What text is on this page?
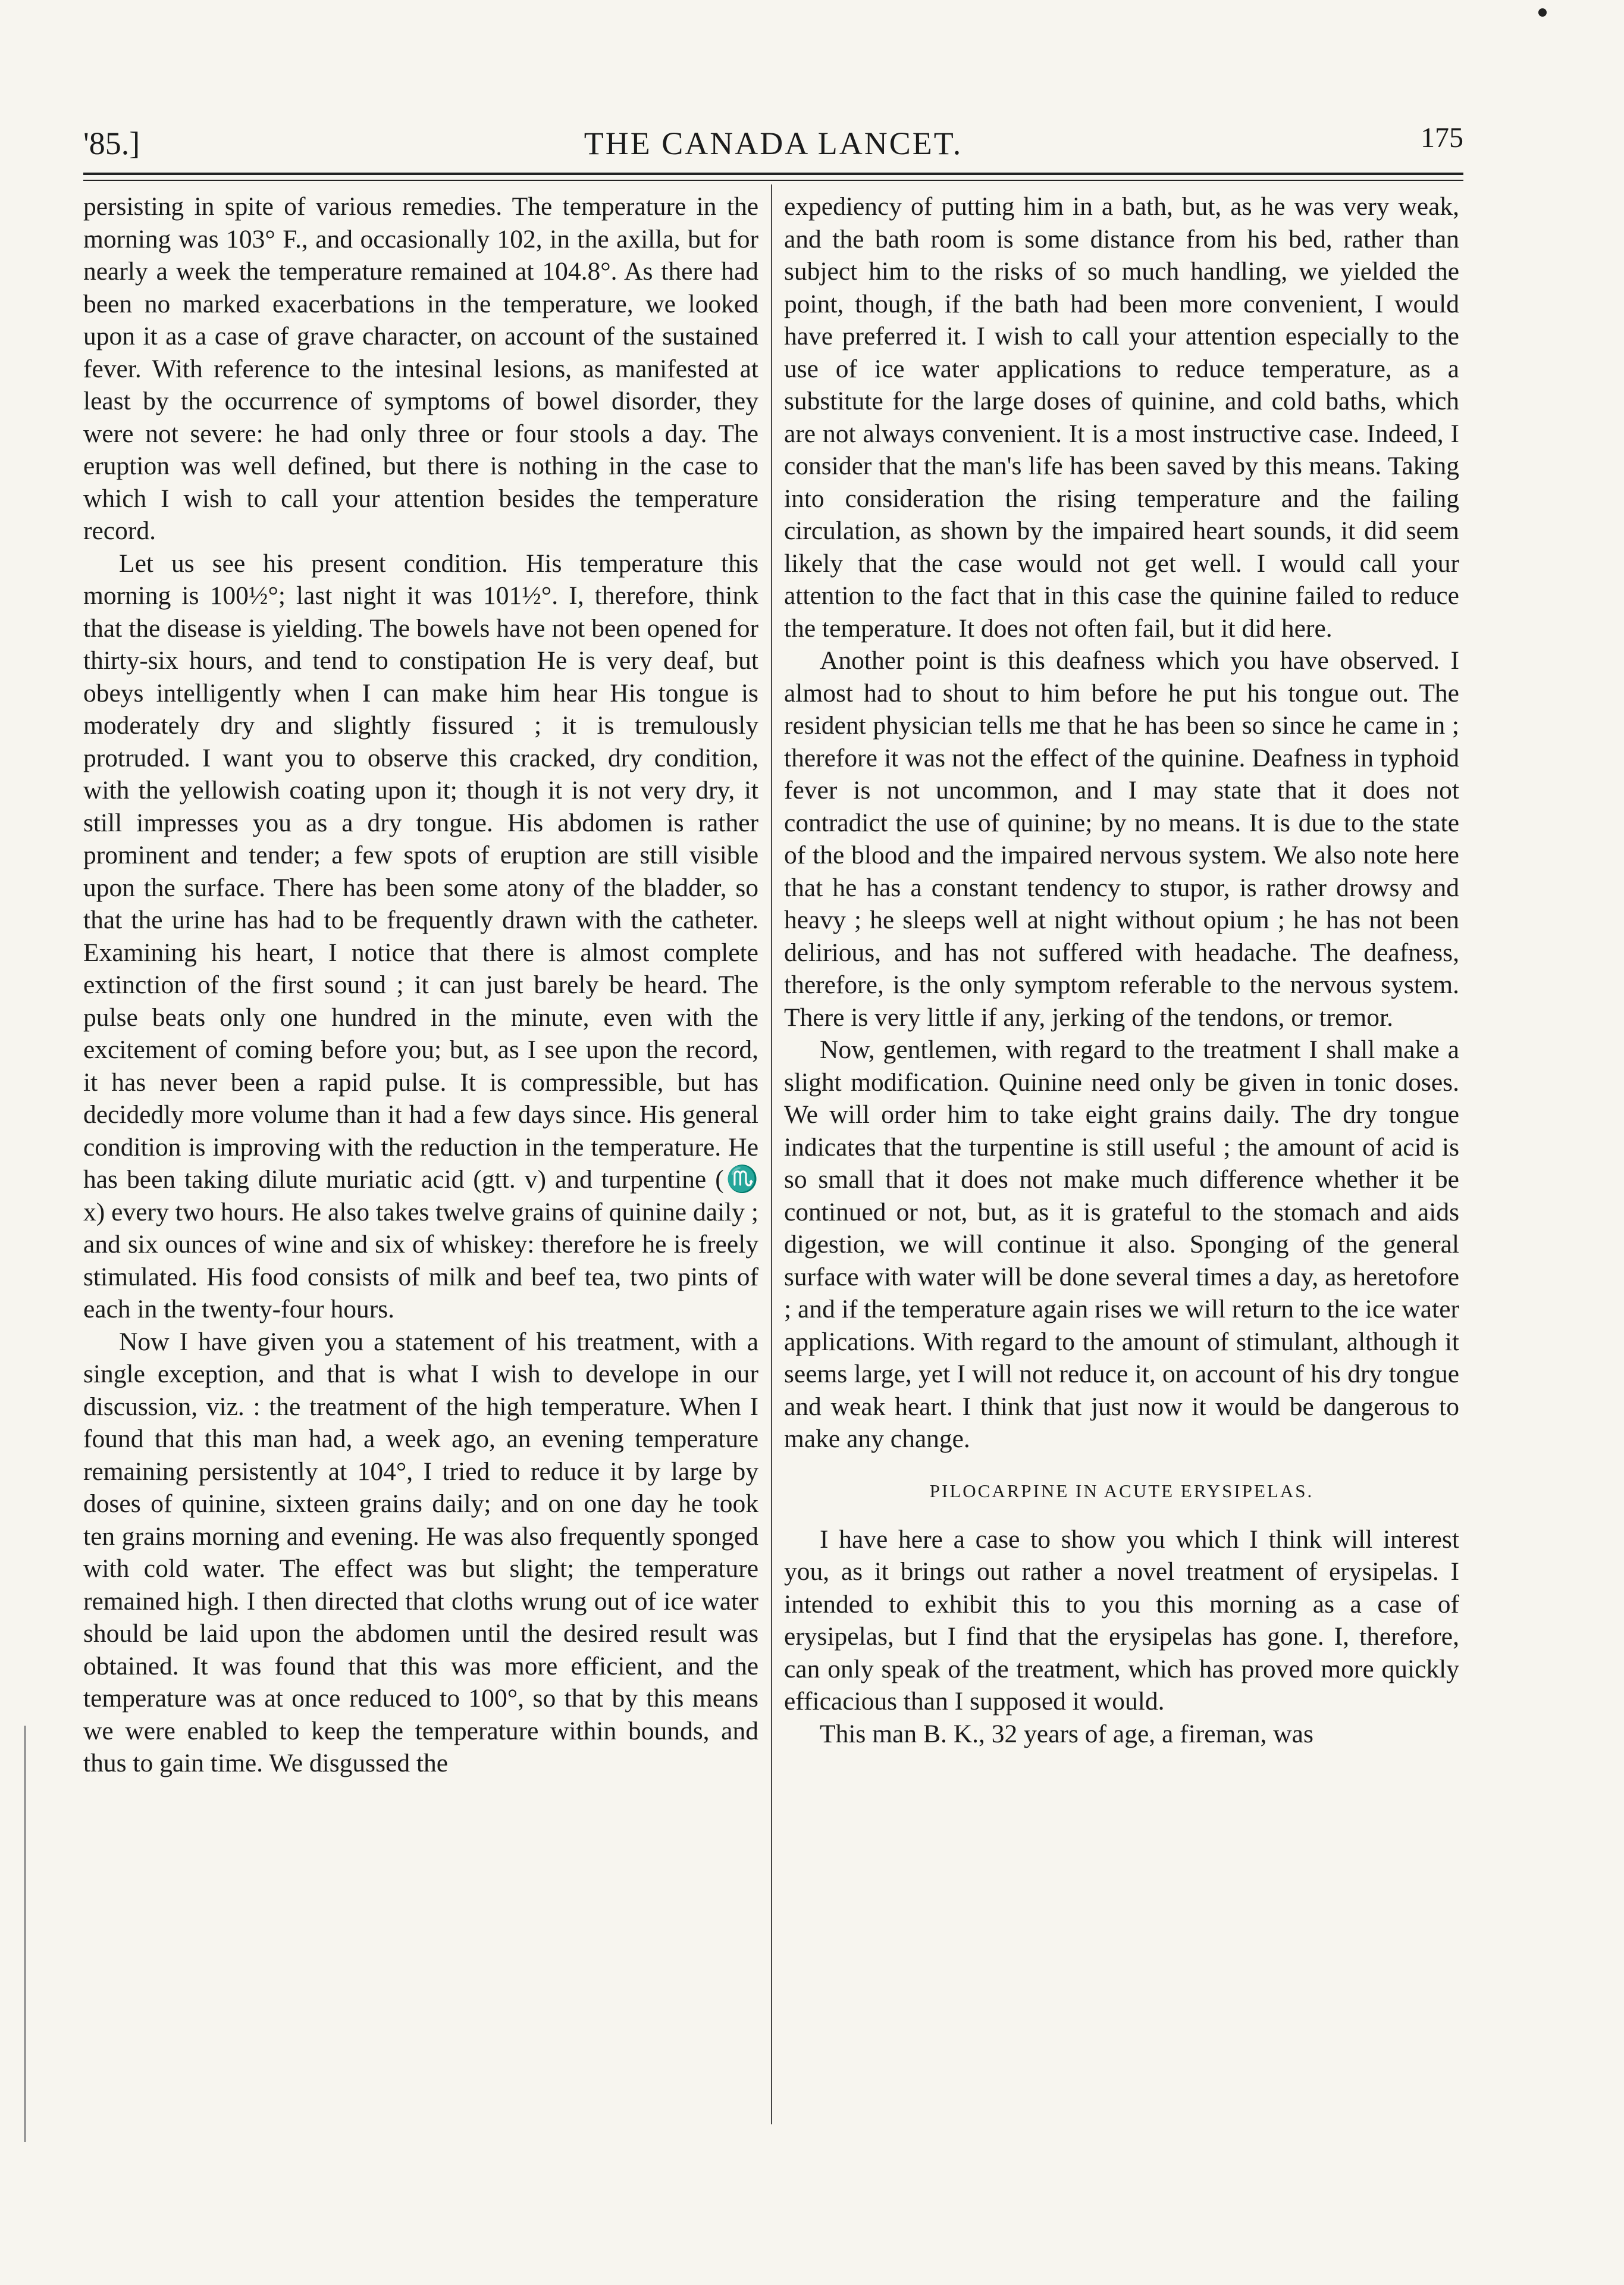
'85.]	THE CANADA LANCET.	175

persisting in spite of various remedies. The temperature in the morning was 103° F., and occasionally 102, in the axilla, but for nearly a week the temperature remained at 104.8°. As there had been no marked exacerbations in the temperature, we looked upon it as a case of grave character, on account of the sustained fever. With reference to the intesinal lesions, as manifested at least by the occurrence of symptoms of bowel disorder, they were not severe: he had only three or four stools a day. The eruption was well defined, but there is nothing in the case to which I wish to call your attention besides the temperature record.

Let us see his present condition. His temperature this morning is 100½°; last night it was 101½°. I, therefore, think that the disease is yielding. The bowels have not been opened for thirty-six hours, and tend to constipation He is very deaf, but obeys intelligently when I can make him hear His tongue is moderately dry and slightly fissured ; it is tremulously protruded. I want you to observe this cracked, dry condition, with the yellowish coating upon it; though it is not very dry, it still impresses you as a dry tongue. His abdomen is rather prominent and tender; a few spots of eruption are still visible upon the surface. There has been some atony of the bladder, so that the urine has had to be frequently drawn with the catheter. Examining his heart, I notice that there is almost complete extinction of the first sound ; it can just barely be heard. The pulse beats only one hundred in the minute, even with the excitement of coming before you; but, as I see upon the record, it has never been a rapid pulse. It is compressible, but has decidedly more volume than it had a few days since. His general condition is improving with the reduction in the temperature. He has been taking dilute muriatic acid (gtt. v) and turpentine (♏ x) every two hours. He also takes twelve grains of quinine daily ; and six ounces of wine and six of whiskey: therefore he is freely stimulated. His food consists of milk and beef tea, two pints of each in the twenty-four hours.

Now I have given you a statement of his treatment, with a single exception, and that is what I wish to develope in our discussion, viz. : the treatment of the high temperature. When I found that this man had, a week ago, an evening temperature remaining persistently at 104°, I tried to reduce it by large by doses of quinine, sixteen grains daily; and on one day he took ten grains morning and evening. He was also frequently sponged with cold water. The effect was but slight; the temperature remained high. I then directed that cloths wrung out of ice water should be laid upon the abdomen until the desired result was obtained. It was found that this was more efficient, and the temperature was at once reduced to 100°, so that by this means we were enabled to keep the temperature within bounds, and thus to gain time. We disgussed the

expediency of putting him in a bath, but, as he was very weak, and the bath room is some distance from his bed, rather than subject him to the risks of so much handling, we yielded the point, though, if the bath had been more convenient, I would have preferred it. I wish to call your attention especially to the use of ice water applications to reduce temperature, as a substitute for the large doses of quinine, and cold baths, which are not always convenient. It is a most instructive case. Indeed, I consider that the man's life has been saved by this means. Taking into consideration the rising temperature and the failing circulation, as shown by the impaired heart sounds, it did seem likely that the case would not get well. I would call your attention to the fact that in this case the quinine failed to reduce the temperature. It does not often fail, but it did here.

Another point is this deafness which you have observed. I almost had to shout to him before he put his tongue out. The resident physician tells me that he has been so since he came in ; therefore it was not the effect of the quinine. Deafness in typhoid fever is not uncommon, and I may state that it does not contradict the use of quinine; by no means. It is due to the state of the blood and the impaired nervous system. We also note here that he has a constant tendency to stupor, is rather drowsy and heavy ; he sleeps well at night without opium ; he has not been delirious, and has not suffered with headache. The deafness, therefore, is the only symptom referable to the nervous system. There is very little if any, jerking of the tendons, or tremor.

Now, gentlemen, with regard to the treatment I shall make a slight modification. Quinine need only be given in tonic doses. We will order him to take eight grains daily. The dry tongue indicates that the turpentine is still useful ; the amount of acid is so small that it does not make much difference whether it be continued or not, but, as it is grateful to the stomach and aids digestion, we will continue it also. Sponging of the general surface with water will be done several times a day, as heretofore ; and if the temperature again rises we will return to the ice water applications. With regard to the amount of stimulant, although it seems large, yet I will not reduce it, on account of his dry tongue and weak heart. I think that just now it would be dangerous to make any change.

PILOCARPINE IN ACUTE ERYSIPELAS.

I have here a case to show you which I think will interest you, as it brings out rather a novel treatment of erysipelas. I intended to exhibit this to you this morning as a case of erysipelas, but I find that the erysipelas has gone. I, therefore, can only speak of the treatment, which has proved more quickly efficacious than I supposed it would.

This man B. K., 32 years of age, a fireman, was
